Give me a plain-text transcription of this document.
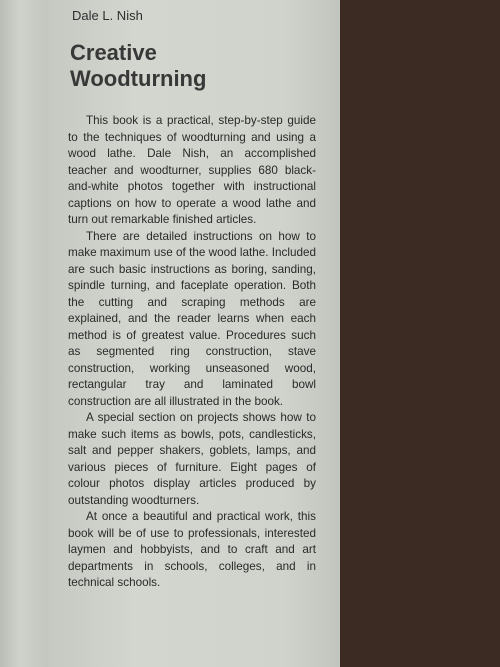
Dale L. Nish
Creative
Woodturning

This book is a practical, step-by-step guide to the techniques of woodturning and using a wood lathe. Dale Nish, an accomplished teacher and woodturner, supplies 680 black-and-white photos together with instructional captions on how to operate a wood lathe and turn out remarkable finished articles.

There are detailed instructions on how to make maximum use of the wood lathe. Included are such basic instructions as boring, sanding, spindle turning, and faceplate operation. Both the cutting and scraping methods are explained, and the reader learns when each method is of greatest value. Procedures such as segmented ring construction, stave construction, working unseasoned wood, rectangular tray and laminated bowl construction are all illustrated in the book.

A special section on projects shows how to make such items as bowls, pots, candlesticks, salt and pepper shakers, goblets, lamps, and various pieces of furniture. Eight pages of colour photos display articles produced by outstanding woodturners.

At once a beautiful and practical work, this book will be of use to professionals, interested laymen and hobbyists, and to craft and art departments in schools, colleges, and in technical schools.
